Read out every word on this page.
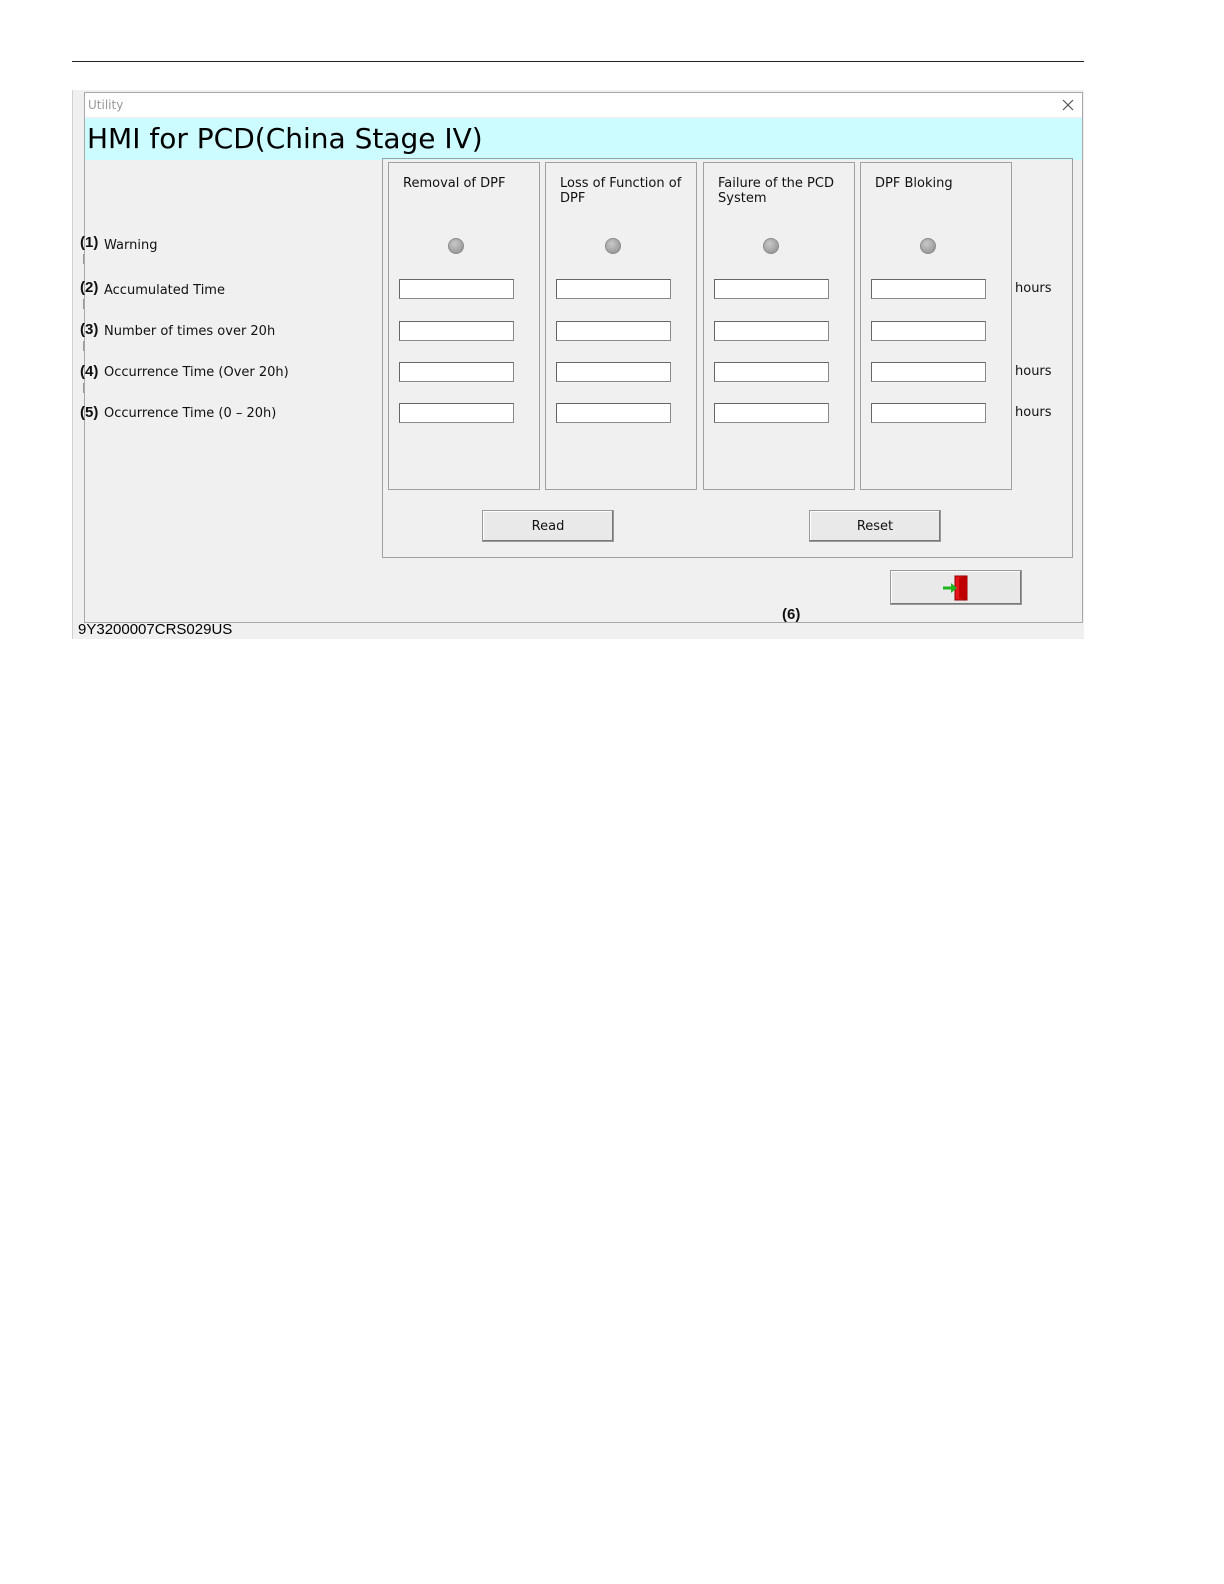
Utility
HMI for PCD(China Stage IV)
(1) Warning
(2) Accumulated Time
(3) Number of times over 20h
(4) Occurrence Time (Over 20h)
(5) Occurrence Time (0 – 20h)
Removal of DPF	Loss of Function of DPF
Failure of the PCD System
DPF Bloking
hours
hours
hours
Read
(6)
Reset
9Y3200007CRS029US
